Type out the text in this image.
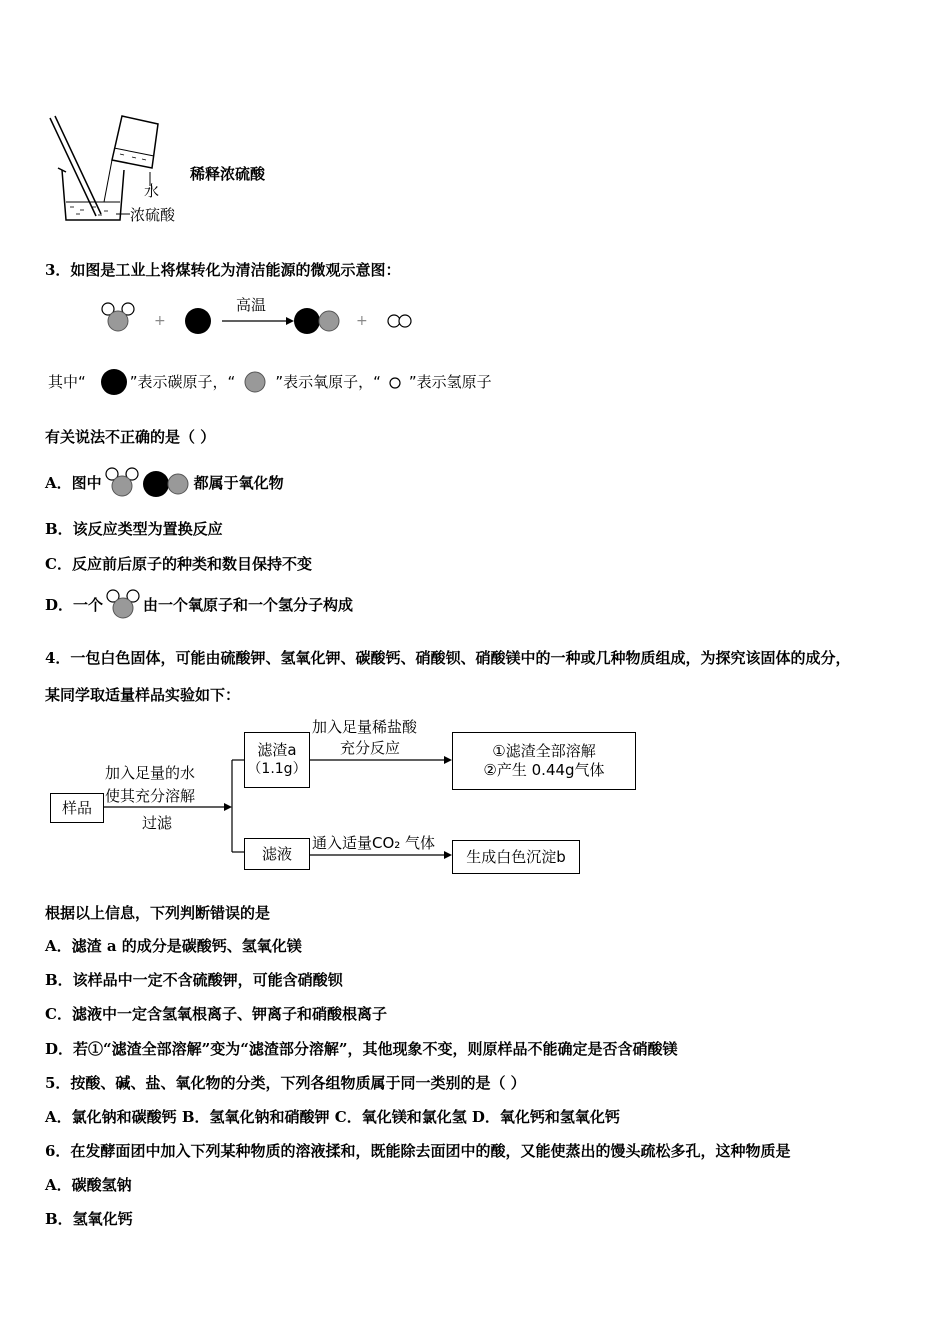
水
浓硫酸
稀释浓硫酸
3．如图是工业上将煤转化为清洁能源的微观示意图：
+	+
高温
其中“	”表示碳原子，“	”表示氧原子，“ ”表示氢原子
有关说法不正确的是（ ）
A．图中	都属于氧化物
B．该反应类型为置换反应
C．反应前后原子的种类和数目保持不变
D．一个	由一个氧原子和一个氢分子构成
4．一包白色固体，可能由硫酸钾、氢氧化钾、碳酸钙、硝酸钡、硝酸镁中的一种或几种物质组成，为探究该固体的成分，
某同学取适量样品实验如下：
样品
加入足量的水
使其充分溶解
过滤
滤渣a
（1.1g）
加入足量稀盐酸
充分反应	①滤渣全部溶解
②产生 0.44g气体
滤液
通入适量CO₂ 气体
生成白色沉淀b
根据以上信息，下列判断错误的是
A．滤渣 a 的成分是碳酸钙、氢氧化镁
B．该样品中一定不含硫酸钾，可能含硝酸钡
C．滤液中一定含氢氧根离子、钾离子和硝酸根离子
D．若①“滤渣全部溶解”变为“滤渣部分溶解”，其他现象不变，则原样品不能确定是否含硝酸镁
5．按酸、碱、盐、氧化物的分类，下列各组物质属于同一类别的是（ ）
A．氯化钠和碳酸钙 B．氢氧化钠和硝酸钾 C．氧化镁和氯化氢 D．氧化钙和氢氧化钙
6．在发酵面团中加入下列某种物质的溶液揉和，既能除去面团中的酸，又能使蒸出的馒头疏松多孔，这种物质是
A．碳酸氢钠
B．氢氧化钙
